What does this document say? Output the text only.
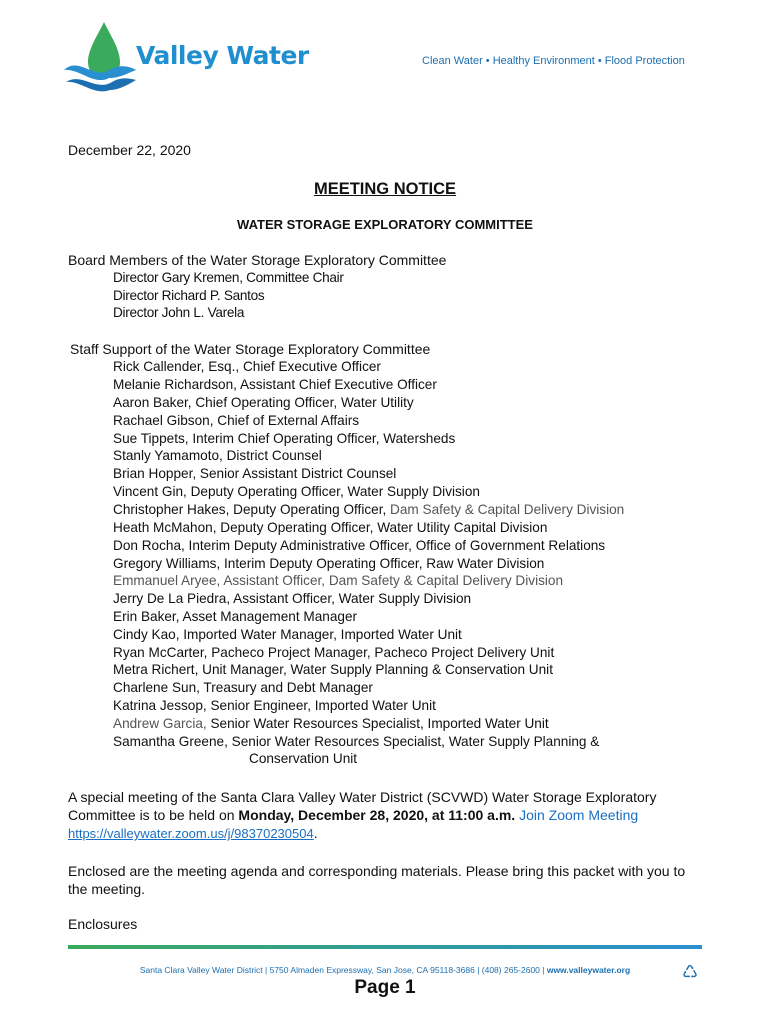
Valley Water	Clean Water • Healthy Environment • Flood Protection
December 22, 2020
MEETING NOTICE
WATER STORAGE EXPLORATORY COMMITTEE
Board Members of the Water Storage Exploratory Committee
Director Gary Kremen, Committee Chair
Director Richard P. Santos
Director John L. Varela
Staff Support of the Water Storage Exploratory Committee
Rick Callender, Esq., Chief Executive Officer
Melanie Richardson, Assistant Chief Executive Officer
Aaron Baker, Chief Operating Officer, Water Utility
Rachael Gibson, Chief of External Affairs
Sue Tippets, Interim Chief Operating Officer, Watersheds
Stanly Yamamoto, District Counsel
Brian Hopper, Senior Assistant District Counsel
Vincent Gin, Deputy Operating Officer, Water Supply Division
Christopher Hakes, Deputy Operating Officer, Dam Safety & Capital Delivery Division
Heath McMahon, Deputy Operating Officer, Water Utility Capital Division
Don Rocha, Interim Deputy Administrative Officer, Office of Government Relations
Gregory Williams, Interim Deputy Operating Officer, Raw Water Division
Emmanuel Aryee, Assistant Officer, Dam Safety & Capital Delivery Division
Jerry De La Piedra, Assistant Officer, Water Supply Division
Erin Baker, Asset Management Manager
Cindy Kao, Imported Water Manager, Imported Water Unit
Ryan McCarter, Pacheco Project Manager, Pacheco Project Delivery Unit
Metra Richert, Unit Manager, Water Supply Planning & Conservation Unit
Charlene Sun, Treasury and Debt Manager
Katrina Jessop, Senior Engineer, Imported Water Unit
Andrew Garcia, Senior Water Resources Specialist, Imported Water Unit
Samantha Greene, Senior Water Resources Specialist, Water Supply Planning &
Conservation Unit
A special meeting of the Santa Clara Valley Water District (SCVWD) Water Storage Exploratory Committee is to be held on Monday, December 28, 2020, at 11:00 a.m. Join Zoom Meeting https://valleywater.zoom.us/j/98370230504.
Enclosed are the meeting agenda and corresponding materials. Please bring this packet with you to the meeting.
Enclosures
Santa Clara Valley Water District | 5750 Almaden Expressway, San Jose, CA 95118-3686 | (408) 265-2600 | www.valleywater.org	♺
Page 1
